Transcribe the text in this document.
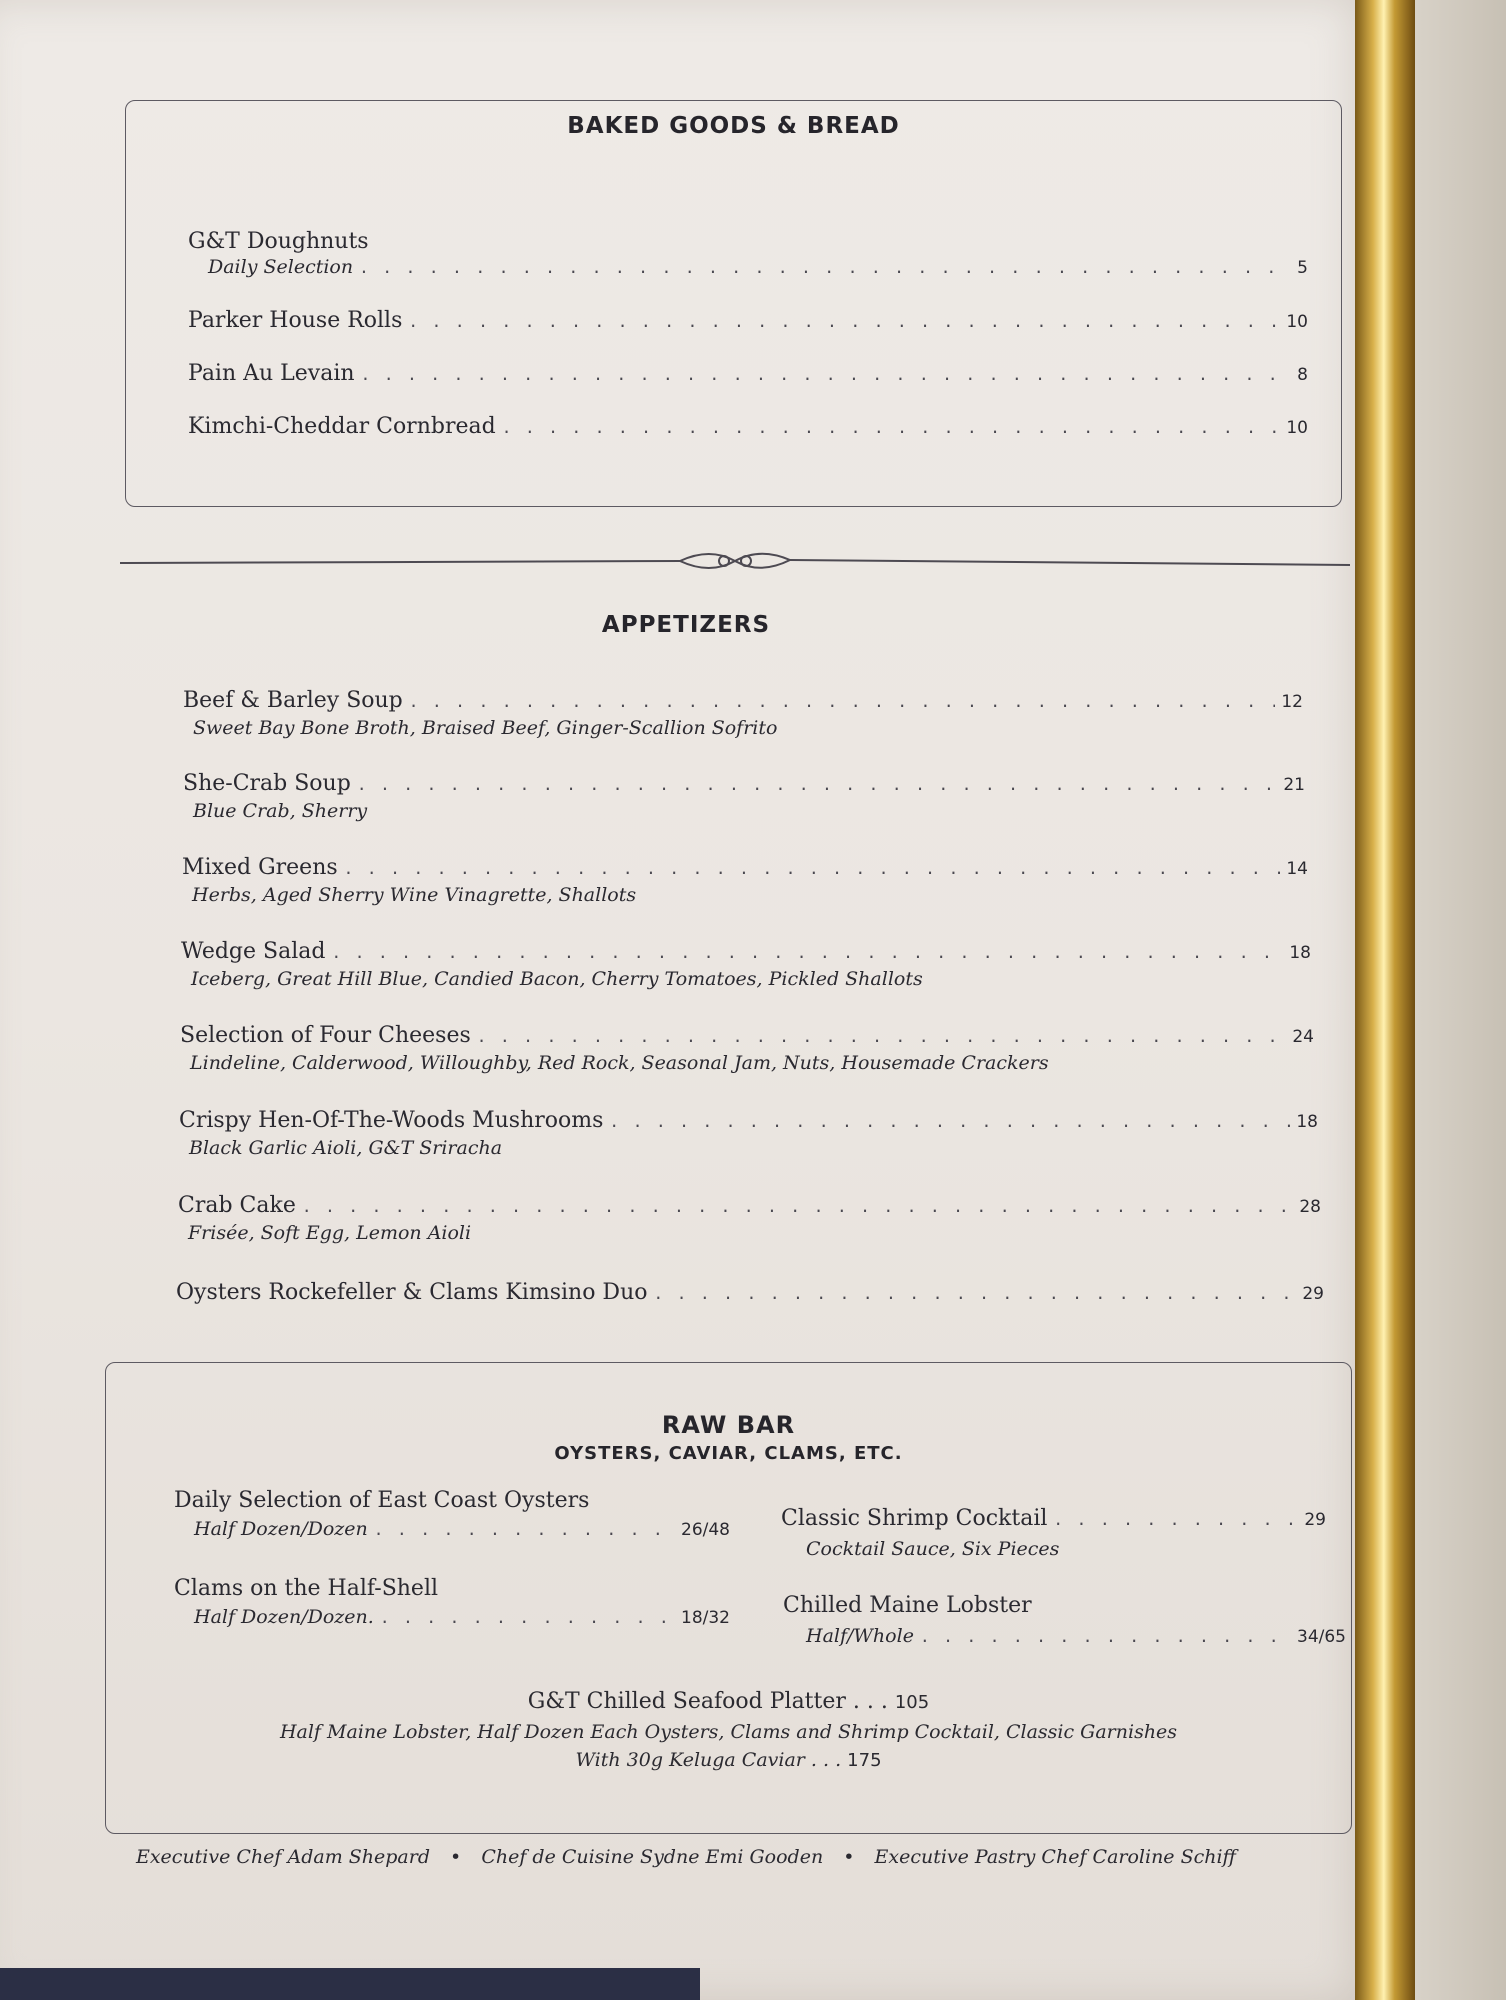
BAKED GOODS & BREAD
G&T Doughnuts
Daily Selection . . .	5
Parker House Rolls . . .	10
Pain Au Levain . . .	8
Kimchi-Cheddar Cornbread . . .	10
APPETIZERS
Beef & Barley Soup . . .	12
Sweet Bay Bone Broth, Braised Beef, Ginger-Scallion Sofrito
She-Crab Soup . . .	21
Blue Crab, Sherry
Mixed Greens . . .	14
Herbs, Aged Sherry Wine Vinagrette, Shallots
Wedge Salad . . .	18
Iceberg, Great Hill Blue, Candied Bacon, Cherry Tomatoes, Pickled Shallots
Selection of Four Cheeses . . .	24
Lindeline, Calderwood, Willoughby, Red Rock, Seasonal Jam, Nuts, Housemade Crackers
Crispy Hen-Of-The-Woods Mushrooms . . .	18
Black Garlic Aioli, G&T Sriracha
Crab Cake . . .	28
Frisée, Soft Egg, Lemon Aioli
Oysters Rockefeller & Clams Kimsino Duo . . .	29
RAW BAR
OYSTERS, CAVIAR, CLAMS, ETC.
Daily Selection of East Coast Oysters
Half Dozen/Dozen . . .	26/48
Clams on the Half-Shell
Half Dozen/Dozen. . . .	18/32
Classic Shrimp Cocktail . . .	29
Cocktail Sauce, Six Pieces
Chilled Maine Lobster
Half/Whole . . .	34/65
G&T Chilled Seafood Platter . . . 105
Half Maine Lobster, Half Dozen Each Oysters, Clams and Shrimp Cocktail, Classic Garnishes
With 30g Keluga Caviar . . . 175
Executive Chef Adam Shepard • Chef de Cuisine Sydne Emi Gooden • Executive Pastry Chef Caroline Schiff
